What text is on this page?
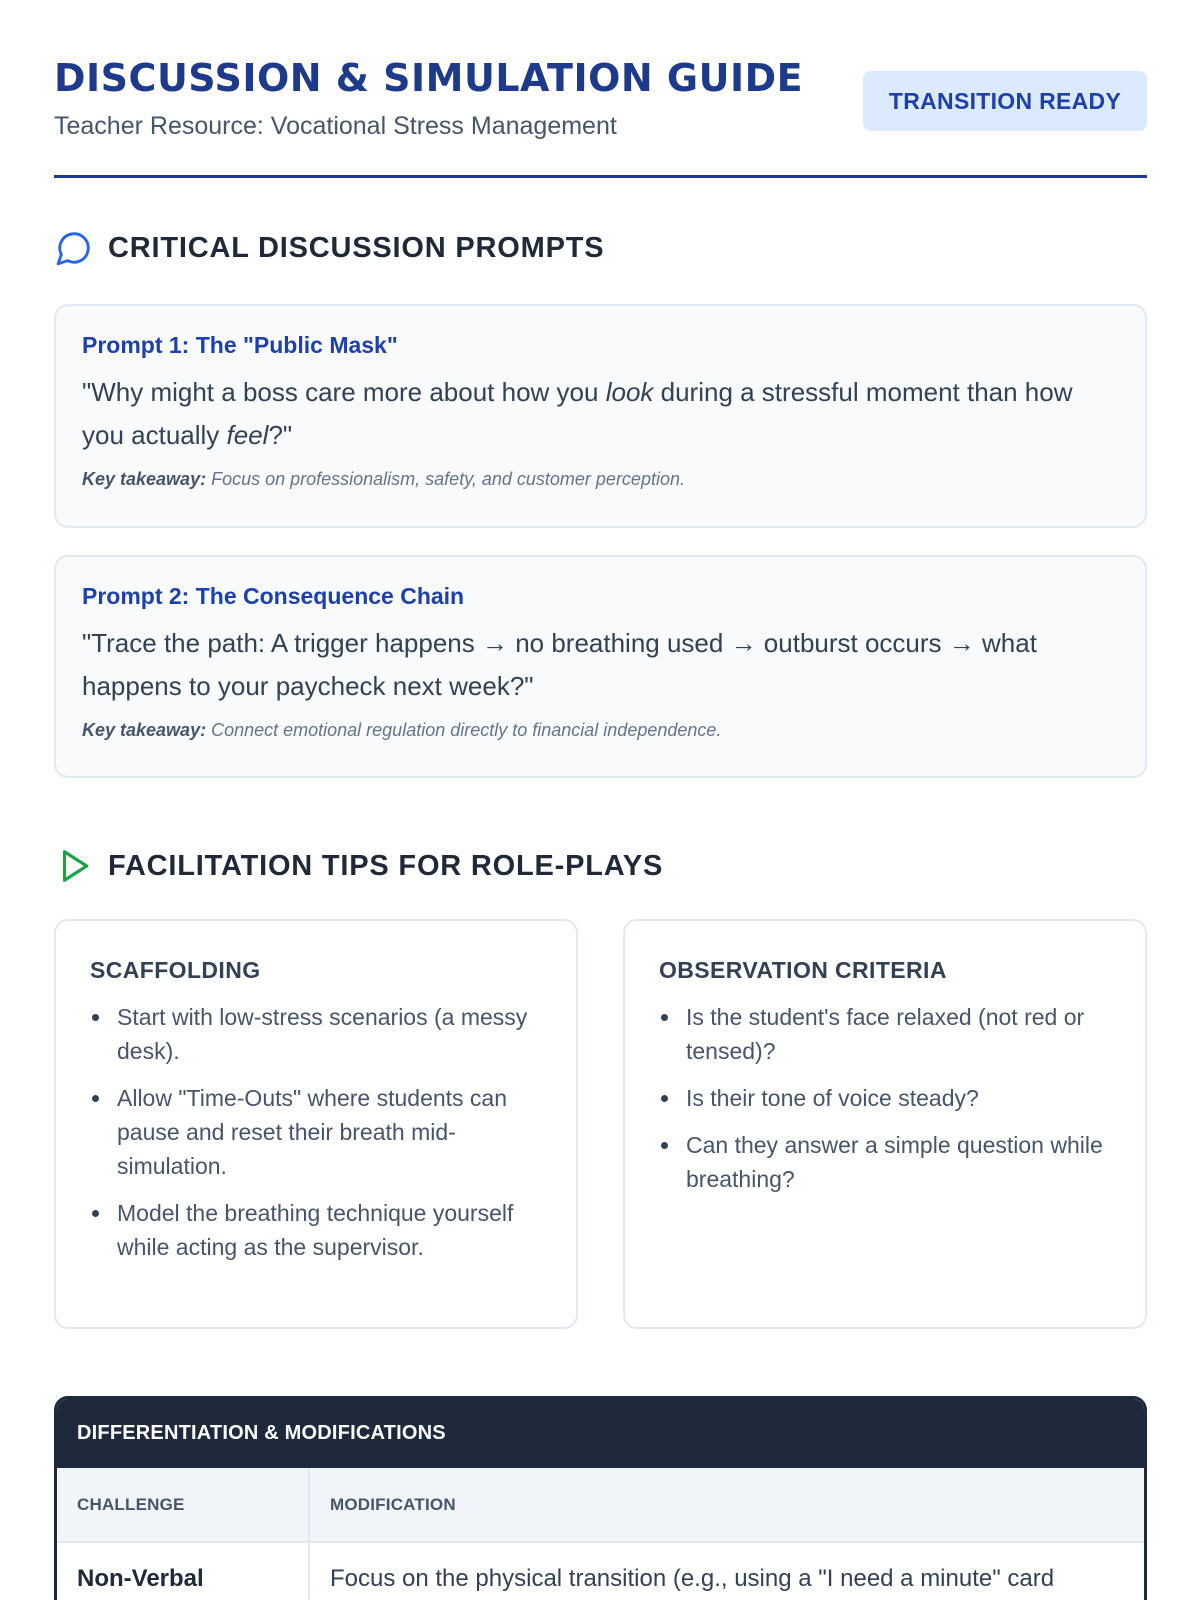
DISCUSSION & SIMULATION GUIDE
Teacher Resource: Vocational Stress Management
TRANSITION READY
CRITICAL DISCUSSION PROMPTS
Prompt 1: The "Public Mask"
"Why might a boss care more about how you look during a stressful moment than how you actually feel?"
Key takeaway: Focus on professionalism, safety, and customer perception.
Prompt 2: The Consequence Chain
"Trace the path: A trigger happens → no breathing used → outburst occurs → what happens to your paycheck next week?"
Key takeaway: Connect emotional regulation directly to financial independence.
FACILITATION TIPS FOR ROLE-PLAYS
SCAFFOLDING
Start with low-stress scenarios (a messy desk).
Allow "Time-Outs" where students can pause and reset their breath mid-simulation.
Model the breathing technique yourself while acting as the supervisor.
OBSERVATION CRITERIA
Is the student's face relaxed (not red or tensed)?
Is their tone of voice steady?
Can they answer a simple question while breathing?
DIFFERENTIATION & MODIFICATIONS
CHALLENGE	MODIFICATION
Non-Verbal	Focus on the physical transition (e.g., using a "I need a minute" card
